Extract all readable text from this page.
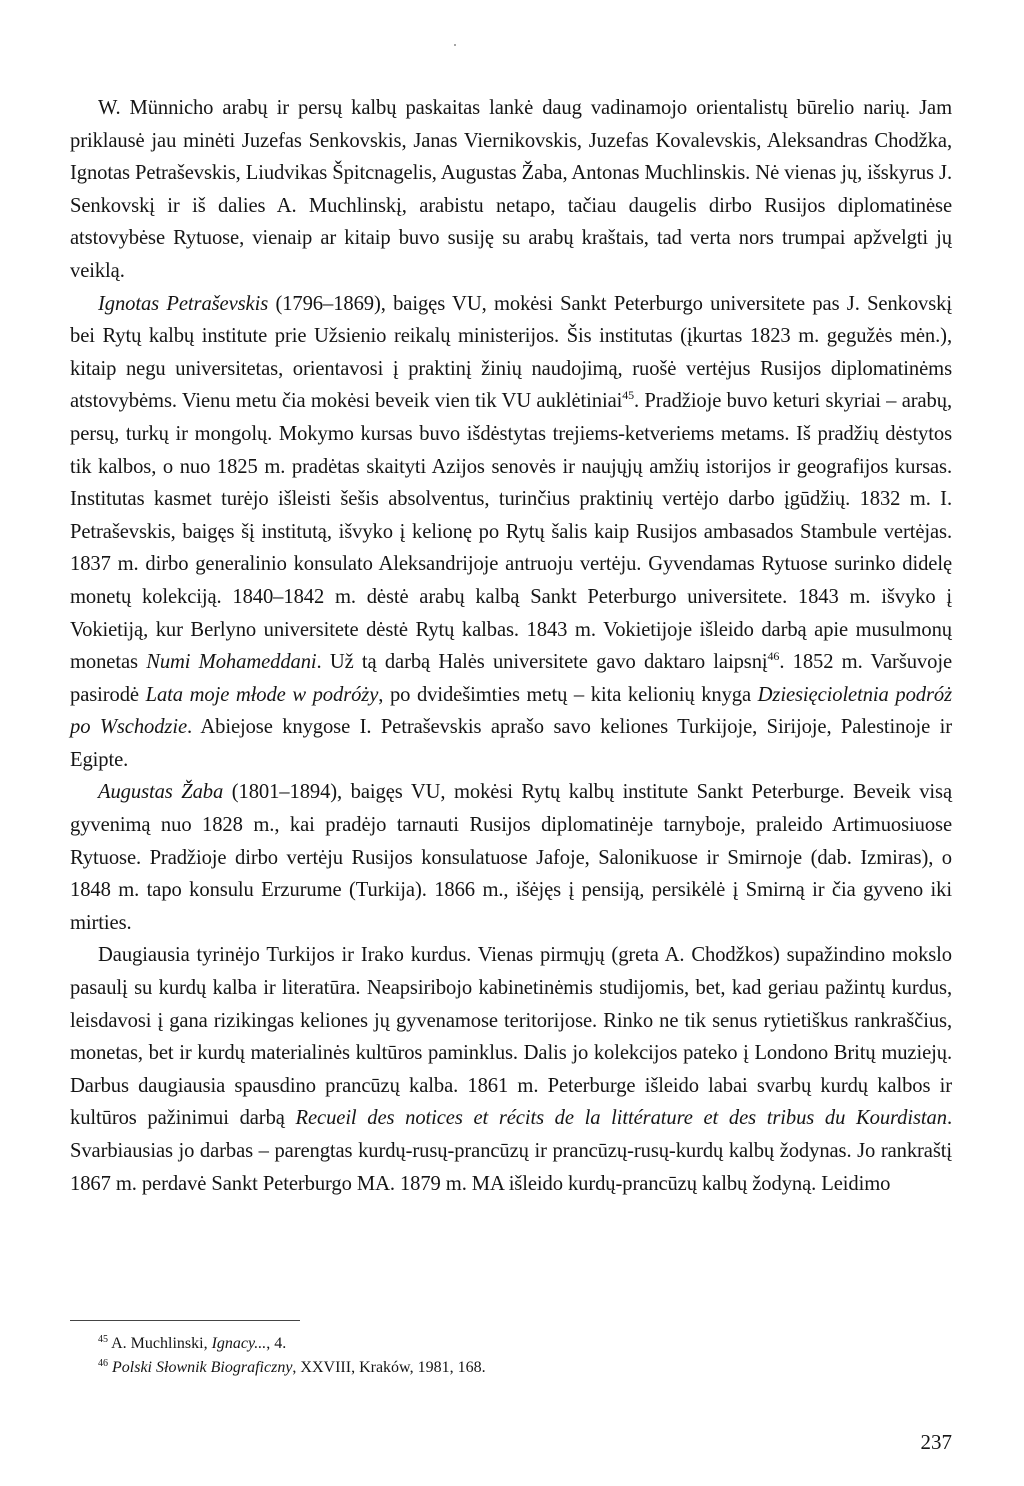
W. Münnicho arabų ir persų kalbų paskaitas lankė daug vadinamojo orientalistų būrelio narių. Jam priklausė jau minėti Juzefas Senkovskis, Janas Viernikovskis, Juzefas Kovalevskis, Aleksandras Chodžka, Ignotas Petraševskis, Liudvikas Špitcnagelis, Augustas Žaba, Antonas Muchlinskis. Nė vienas jų, išskyrus J. Senkovskį ir iš dalies A. Muchlinskį, arabistu netapo, tačiau daugelis dirbo Rusijos diplomatinėse atstovybėse Rytuose, vienaip ar kitaip buvo susiję su arabų kraštais, tad verta nors trumpai apžvelgti jų veiklą.

Ignotas Petraševskis (1796–1869), baigęs VU, mokėsi Sankt Peterburgo universitete pas J. Senkovskį bei Rytų kalbų institute prie Užsienio reikalų ministerijos. Šis institutas (įkurtas 1823 m. gegužės mėn.), kitaip negu universitetas, orientavosi į praktinį žinių naudojimą, ruošė vertėjus Rusijos diplomatinėms atstovybėms. Vienu metu čia mokėsi beveik vien tik VU auklėtiniai$^{45}$. Pradžioje buvo keturi skyriai – arabų, persų, turkų ir mongolų. Mokymo kursas buvo išdėstytas trejiems-ketveriems metams. Iš pradžių dėstytos tik kalbos, o nuo 1825 m. pradėtas skaityti Azijos senovės ir naujųjų amžių istorijos ir geografijos kursas. Institutas kasmet turėjo išleisti šešis absolventus, turinčius praktinių vertėjo darbo įgūdžių. 1832 m. I. Petraševskis, baigęs šį institutą, išvyko į kelionę po Rytų šalis kaip Rusijos ambasados Stambule vertėjas. 1837 m. dirbo generalinio konsulato Aleksandrijoje antruoju vertėju. Gyvendamas Rytuose surinko didelę monetų kolekciją. 1840–1842 m. dėstė arabų kalbą Sankt Peterburgo universitete. 1843 m. išvyko į Vokietiją, kur Berlyno universitete dėstė Rytų kalbas. 1843 m. Vokietijoje išleido darbą apie musulmonų monetas Numi Mohameddani. Už tą darbą Halės universitete gavo daktaro laipsnį$^{46}$. 1852 m. Varšuvoje pasirodė Lata moje młode w podróży, po dvidešimties metų – kita kelionių knyga Dziesięcioletnia podróż po Wschodzie. Abiejose knygose I. Petraševskis aprašo savo keliones Turkijoje, Sirijoje, Palestinoje ir Egipte.

Augustas Žaba (1801–1894), baigęs VU, mokėsi Rytų kalbų institute Sankt Peterburge. Beveik visą gyvenimą nuo 1828 m., kai pradėjo tarnauti Rusijos diplomatinėje tarnyboje, praleido Artimuosiuose Rytuose. Pradžioje dirbo vertėju Rusijos konsulatuose Jafoje, Salonikuose ir Smirnoje (dab. Izmiras), o 1848 m. tapo konsulu Erzurume (Turkija). 1866 m., išėjęs į pensiją, persikėlė į Smirną ir čia gyveno iki mirties.

Daugiausia tyrinėjo Turkijos ir Irako kurdus. Vienas pirmųjų (greta A. Chodžkos) supažindino mokslo pasaulį su kurdų kalba ir literatūra. Neapsiribojo kabinetinėmis studijomis, bet, kad geriau pažintų kurdus, leisdavosi į gana rizikingas keliones jų gyvenamose teritorijose. Rinko ne tik senus rytietiškus rankraščius, monetas, bet ir kurdų materialinės kultūros paminklus. Dalis jo kolekcijos pateko į Londono Britų muziejų. Darbus daugiausia spausdino prancūzų kalba. 1861 m. Peterburge išleido labai svarbų kurdų kalbos ir kultūros pažinimui darbą Recueil des notices et récits de la littérature et des tribus du Kourdistan. Svarbiausias jo darbas – parengtas kurdų-rusų-prancūzų ir prancūzų-rusų-kurdų kalbų žodynas. Jo rankraštį 1867 m. perdavė Sankt Peterburgo MA. 1879 m. MA išleido kurdų-prancūzų kalbų žodyną. Leidimo

$^{45}$ A. Muchlinski, Ignacy..., 4.

$^{46}$ Polski Słownik Biograficzny, XXVIII, Kraków, 1981, 168.

237
